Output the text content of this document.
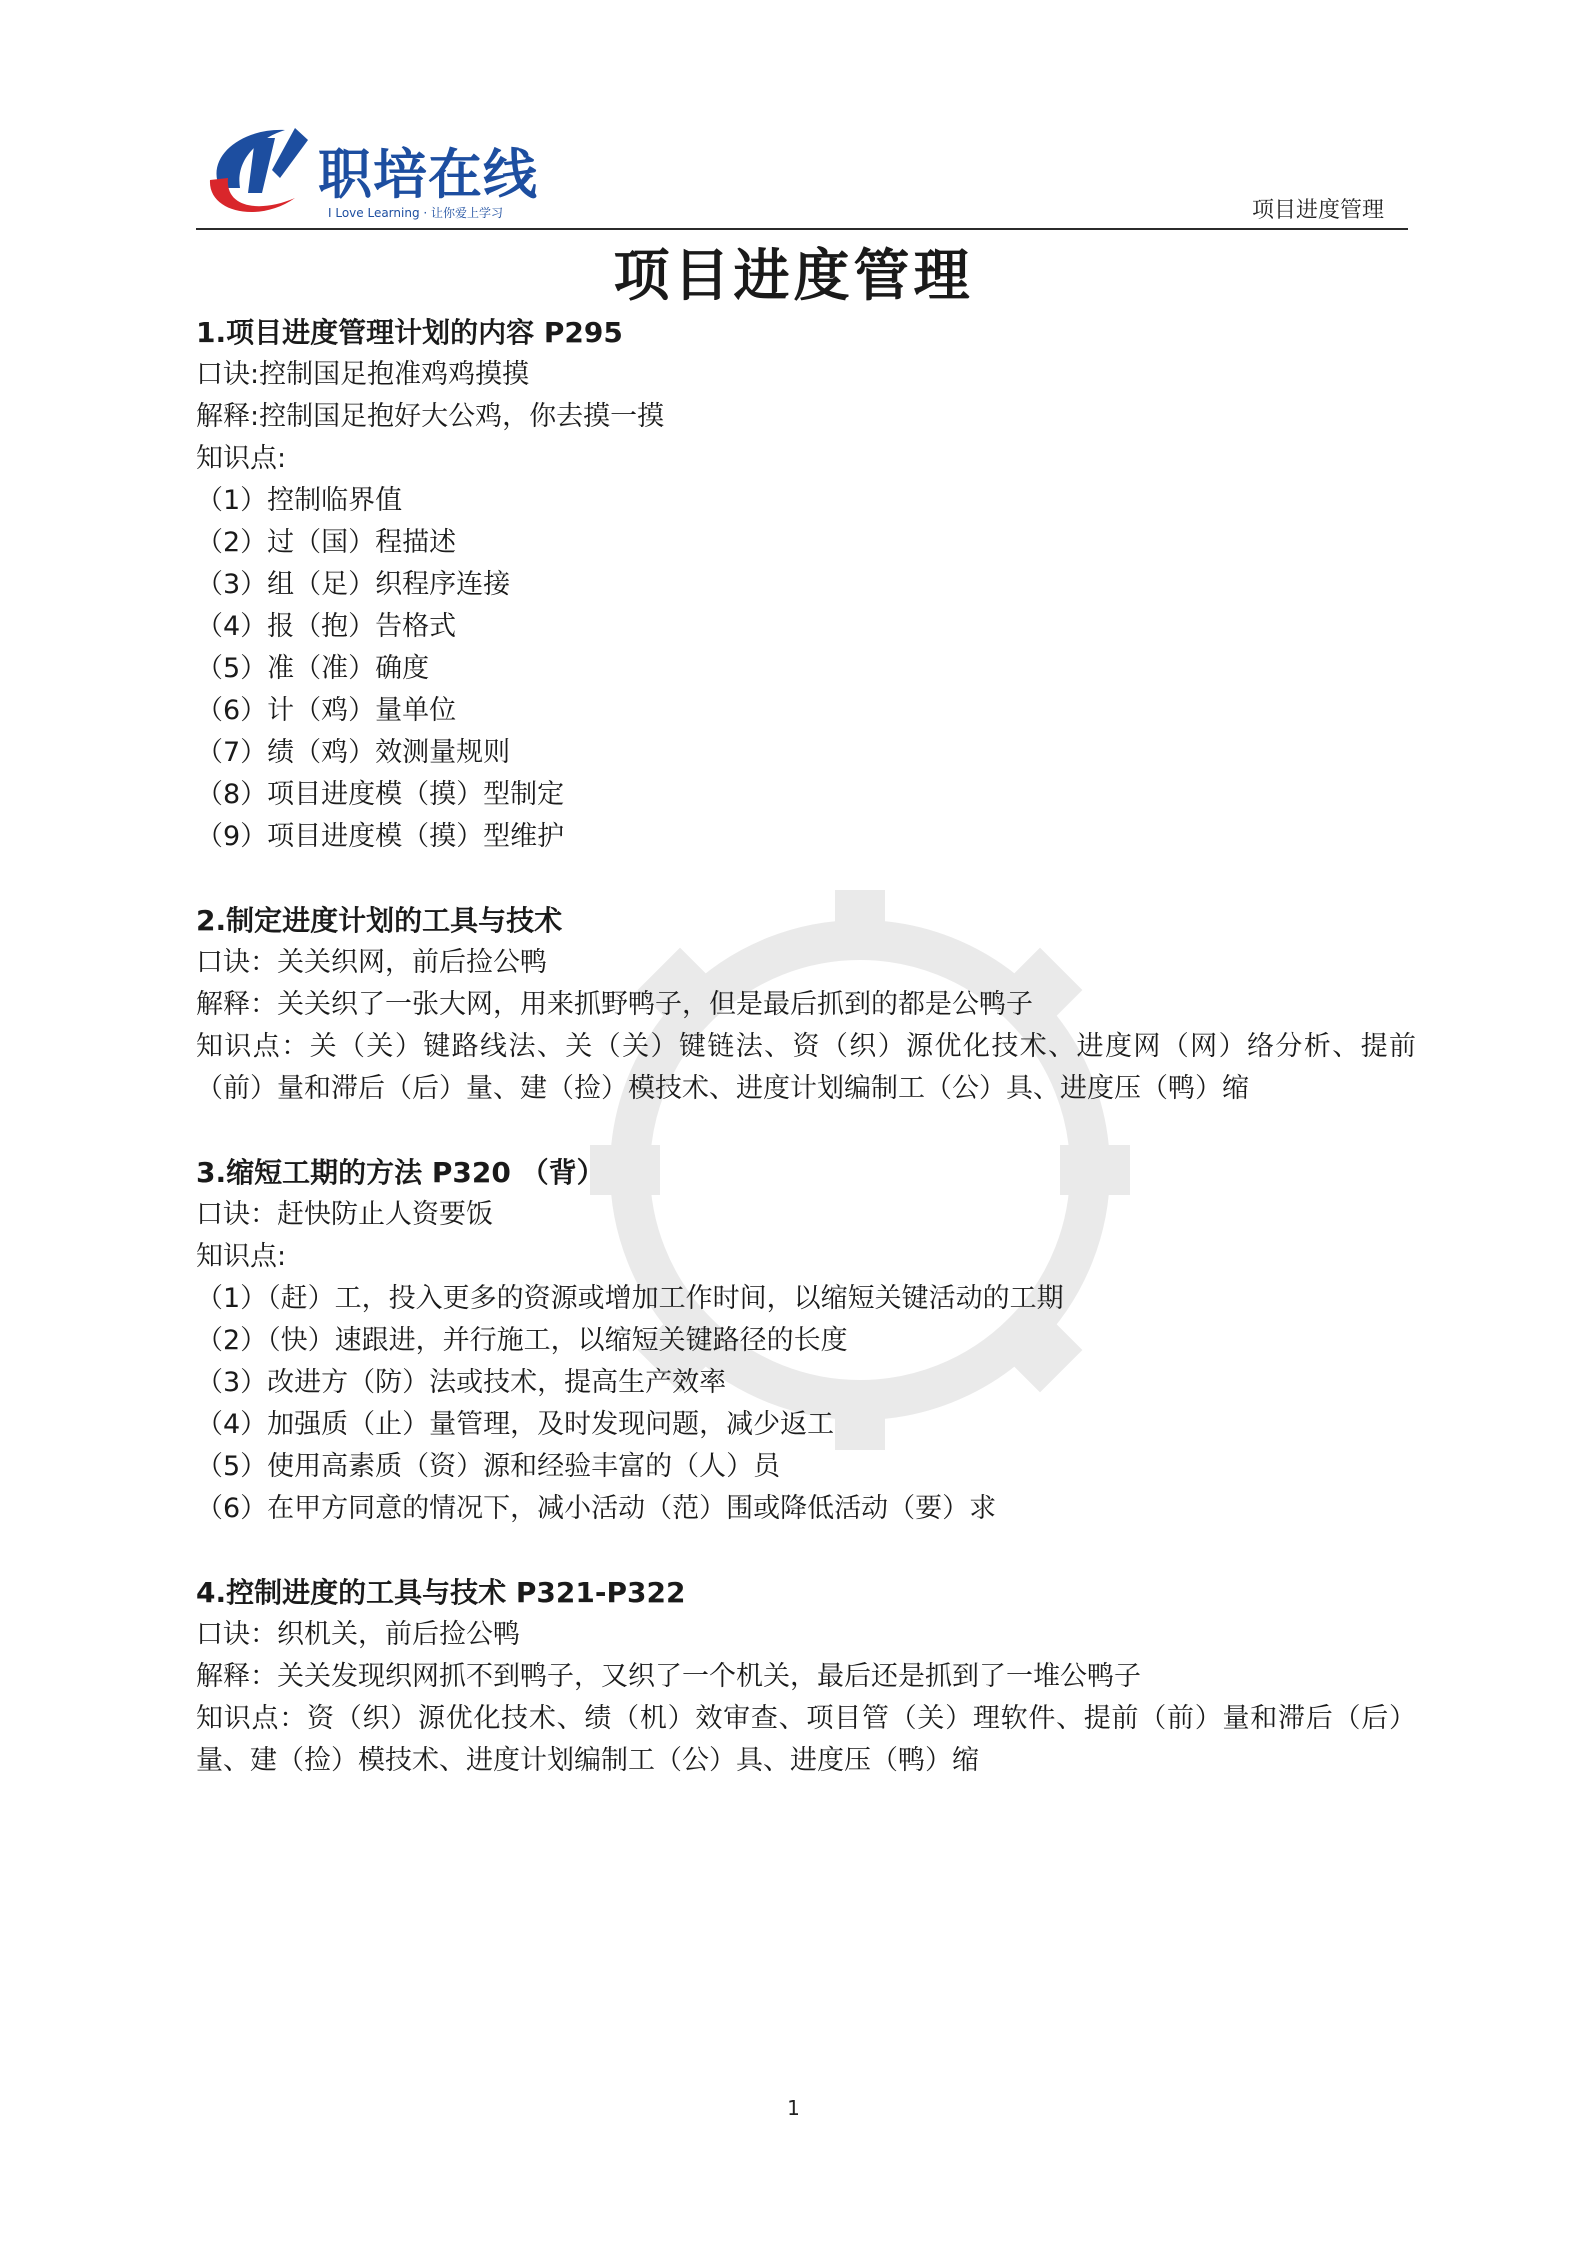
职培在线
I Love Learning · 让你爱上学习	项目进度管理
项目进度管理
1.项目进度管理计划的内容 P295
口诀:控制国足抱准鸡鸡摸摸
解释:控制国足抱好大公鸡，你去摸一摸
知识点:
（1）控制临界值
（2）过（国）程描述
（3）组（足）织程序连接
（4）报（抱）告格式
（5）准（准）确度
（6）计（鸡）量单位
（7）绩（鸡）效测量规则
（8）项目进度模（摸）型制定
（9）项目进度模（摸）型维护
2.制定进度计划的工具与技术
口诀：关关织网，前后捡公鸭
解释：关关织了一张大网，用来抓野鸭子，但是最后抓到的都是公鸭子
知识点：关（关）键路线法、关（关）键链法、资（织）源优化技术、进度网（网）络分析、提前（前）量和滞后（后）量、建（捡）模技术、进度计划编制工（公）具、进度压（鸭）缩
3.缩短工期的方法 P320 （背）
口诀：赶快防止人资要饭
知识点:
（1）（赶）工，投入更多的资源或增加工作时间，以缩短关键活动的工期
（2）（快）速跟进，并行施工，以缩短关键路径的长度
（3）改进方（防）法或技术，提高生产效率
（4）加强质（止）量管理，及时发现问题，减少返工
（5）使用高素质（资）源和经验丰富的（人）员
（6）在甲方同意的情况下，减小活动（范）围或降低活动（要）求
4.控制进度的工具与技术 P321-P322
口诀：织机关，前后捡公鸭
解释：关关发现织网抓不到鸭子，又织了一个机关，最后还是抓到了一堆公鸭子
知识点：资（织）源优化技术、绩（机）效审查、项目管（关）理软件、提前（前）量和滞后（后）量、建（捡）模技术、进度计划编制工（公）具、进度压（鸭）缩
1
